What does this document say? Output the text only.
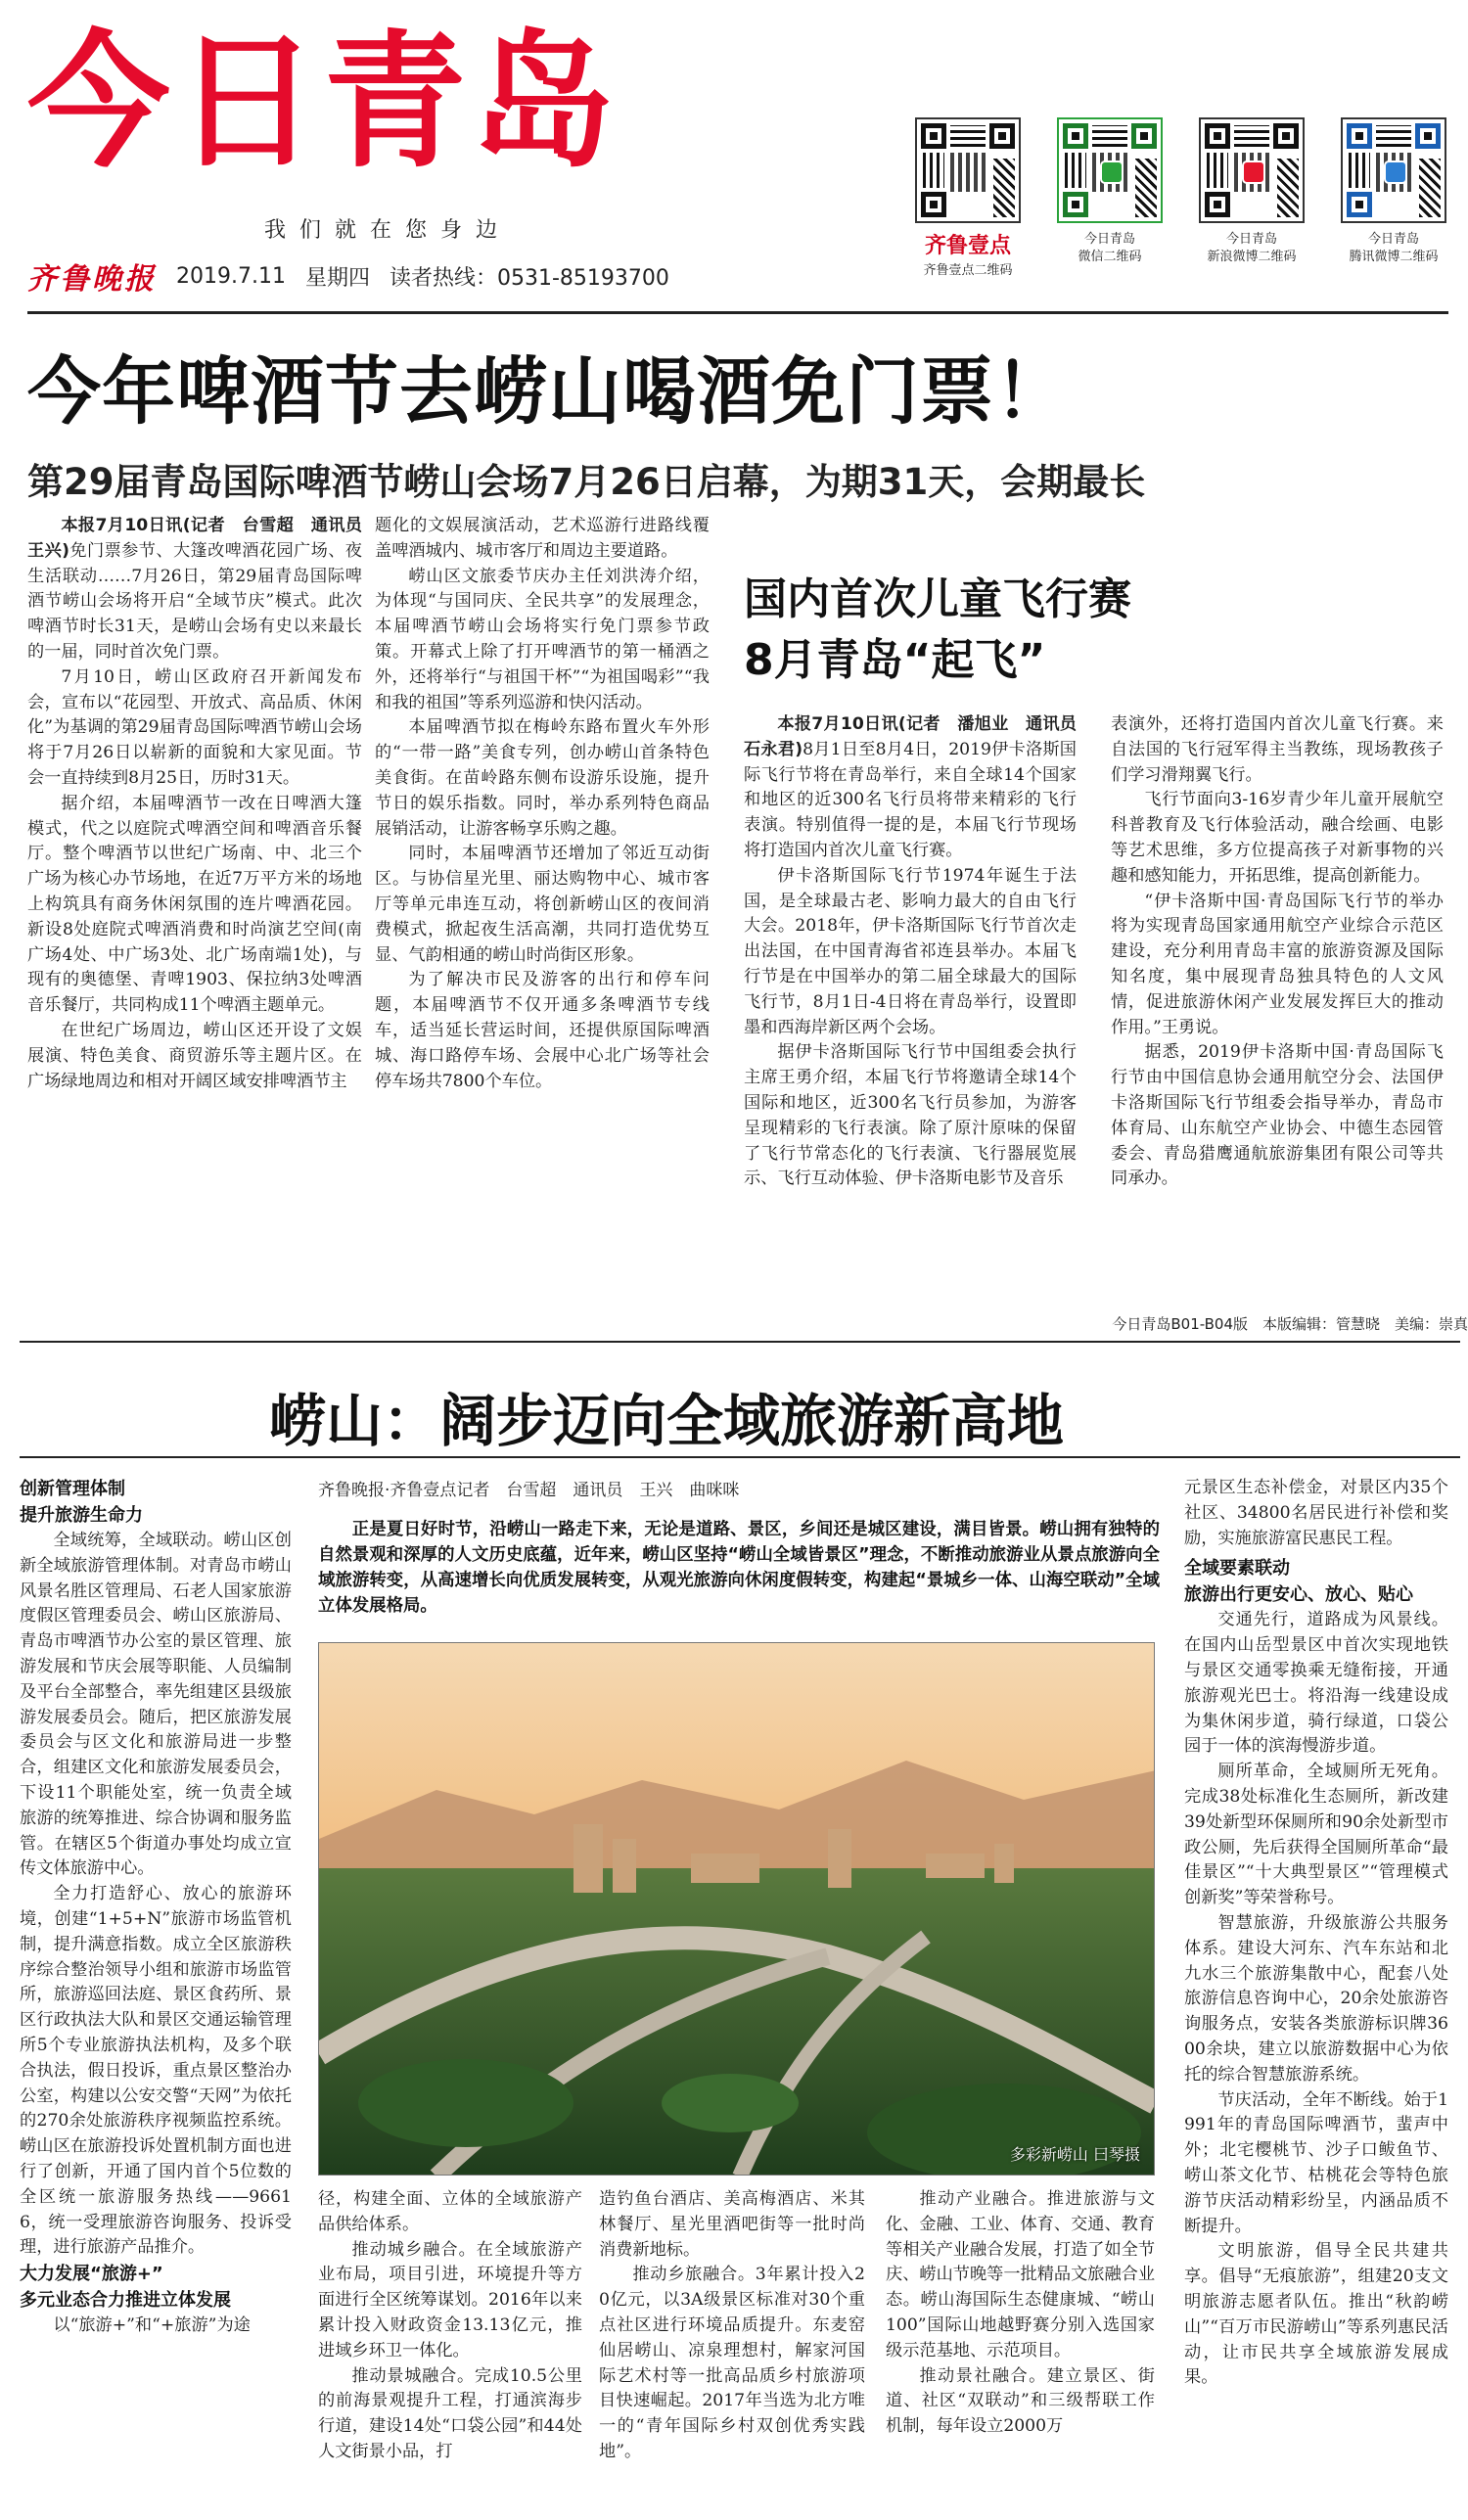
今日青岛
我们就在您身边
齐鲁晚报 2019.7.11 星期四 读者热线：0531-85193700
齐鲁壹点
齐鲁壹点二维码
今日青岛
微信二维码
今日青岛
新浪微博二维码
今日青岛
腾讯微博二维码
今年啤酒节去崂山喝酒免门票！
第29届青岛国际啤酒节崂山会场7月26日启幕，为期31天，会期最长

本报7月10日讯(记者　台雪超　通讯员　王兴)免门票参节、大篷改啤酒花园广场、夜生活联动……7月26日，第29届青岛国际啤酒节崂山会场将开启“全域节庆”模式。此次啤酒节时长31天，是崂山会场有史以来最长的一届，同时首次免门票。

7月10日，崂山区政府召开新闻发布会，宣布以“花园型、开放式、高品质、休闲化”为基调的第29届青岛国际啤酒节崂山会场将于7月26日以崭新的面貌和大家见面。节会一直持续到8月25日，历时31天。

据介绍，本届啤酒节一改在日啤酒大篷模式，代之以庭院式啤酒空间和啤酒音乐餐厅。整个啤酒节以世纪广场南、中、北三个广场为核心办节场地，在近7万平方米的场地上构筑具有商务休闲氛围的连片啤酒花园。新设8处庭院式啤酒消费和时尚演艺空间(南广场4处、中广场3处、北广场南端1处)，与现有的奥德堡、青啤1903、保拉纳3处啤酒音乐餐厅，共同构成11个啤酒主题单元。

在世纪广场周边，崂山区还开设了文娱展演、特色美食、商贸游乐等主题片区。在广场绿地周边和相对开阔区域安排啤酒节主

题化的文娱展演活动，艺术巡游行进路线覆盖啤酒城内、城市客厅和周边主要道路。

崂山区文旅委节庆办主任刘洪涛介绍，为体现“与国同庆、全民共享”的发展理念，本届啤酒节崂山会场将实行免门票参节政策。开幕式上除了打开啤酒节的第一桶酒之外，还将举行“与祖国干杯”“为祖国喝彩”“我和我的祖国”等系列巡游和快闪活动。

本届啤酒节拟在梅岭东路布置火车外形的“一带一路”美食专列，创办崂山首条特色美食街。在苗岭路东侧布设游乐设施，提升节日的娱乐指数。同时，举办系列特色商品展销活动，让游客畅享乐购之趣。

同时，本届啤酒节还增加了邻近互动街区。与协信星光里、丽达购物中心、城市客厅等单元串连互动，将创新崂山区的夜间消费模式，掀起夜生活高潮，共同打造优势互显、气韵相通的崂山时尚街区形象。

为了解决市民及游客的出行和停车问题，本届啤酒节不仅开通多条啤酒节专线车，适当延长营运时间，还提供原国际啤酒城、海口路停车场、会展中心北广场等社会停车场共7800个车位。

国内首次儿童飞行赛
8月青岛“起飞”

本报7月10日讯(记者　潘旭业　通讯员　石永君)8月1日至8月4日，2019伊卡洛斯国际飞行节将在青岛举行，来自全球14个国家和地区的近300名飞行员将带来精彩的飞行表演。特别值得一提的是，本届飞行节现场将打造国内首次儿童飞行赛。

伊卡洛斯国际飞行节1974年诞生于法国，是全球最古老、影响力最大的自由飞行大会。2018年，伊卡洛斯国际飞行节首次走出法国，在中国青海省祁连县举办。本届飞行节是在中国举办的第二届全球最大的国际飞行节，8月1日-4日将在青岛举行，设置即墨和西海岸新区两个会场。

据伊卡洛斯国际飞行节中国组委会执行主席王勇介绍，本届飞行节将邀请全球14个国际和地区，近300名飞行员参加，为游客呈现精彩的飞行表演。除了原汁原味的保留了飞行节常态化的飞行表演、飞行器展览展示、飞行互动体验、伊卡洛斯电影节及音乐

表演外，还将打造国内首次儿童飞行赛。来自法国的飞行冠军得主当教练，现场教孩子们学习滑翔翼飞行。

飞行节面向3-16岁青少年儿童开展航空科普教育及飞行体验活动，融合绘画、电影等艺术思维，多方位提高孩子对新事物的兴趣和感知能力，开拓思维，提高创新能力。

“伊卡洛斯中国·青岛国际飞行节的举办将为实现青岛国家通用航空产业综合示范区建设，充分利用青岛丰富的旅游资源及国际知名度，集中展现青岛独具特色的人文风情，促进旅游休闲产业发展发挥巨大的推动作用。”王勇说。

据悉，2019伊卡洛斯中国·青岛国际飞行节由中国信息协会通用航空分会、法国伊卡洛斯国际飞行节组委会指导举办，青岛市体育局、山东航空产业协会、中德生态园管委会、青岛猎鹰通航旅游集团有限公司等共同承办。

今日青岛B01-B04版　本版编辑：管慧晓　美编：崇真
崂山：阔步迈向全域旅游新高地
齐鲁晚报·齐鲁壹点记者　台雪超　通讯员　王兴　曲咪咪
正是夏日好时节，沿崂山一路走下来，无论是道路、景区，乡间还是城区建设，满目皆景。崂山拥有独特的自然景观和深厚的人文历史底蕴，近年来，崂山区坚持“崂山全域皆景区”理念，不断推动旅游业从景点旅游向全域旅游转变，从高速增长向优质发展转变，从观光旅游向休闲度假转变，构建起“景城乡一体、山海空联动”全域立体发展格局。
多彩新崂山 曰琴摄
创新管理体制
提升旅游生命力

全域统筹，全域联动。崂山区创新全域旅游管理体制。对青岛市崂山风景名胜区管理局、石老人国家旅游度假区管理委员会、崂山区旅游局、青岛市啤酒节办公室的景区管理、旅游发展和节庆会展等职能、人员编制及平台全部整合，率先组建区县级旅游发展委员会。随后，把区旅游发展委员会与区文化和旅游局进一步整合，组建区文化和旅游发展委员会，下设11个职能处室，统一负责全域旅游的统筹推进、综合协调和服务监管。在辖区5个街道办事处均成立宣传文体旅游中心。

全力打造舒心、放心的旅游环境，创建“1+5+N”旅游市场监管机制，提升满意指数。成立全区旅游秩序综合整治领导小组和旅游市场监管所，旅游巡回法庭、景区食药所、景区行政执法大队和景区交通运输管理所5个专业旅游执法机构，及多个联合执法，假日投诉，重点景区整治办公室，构建以公安交警“天网”为依托的270余处旅游秩序视频监控系统。崂山区在旅游投诉处置机制方面也进行了创新，开通了国内首个5位数的全区统一旅游服务热线——96616，统一受理旅游咨询服务、投诉受理，进行旅游产品推介。

大力发展“旅游+”
多元业态合力推进立体发展

以“旅游+”和“+旅游”为途

径，构建全面、立体的全域旅游产品供给体系。

推动城乡融合。在全域旅游产业布局，项目引进，环境提升等方面进行全区统筹谋划。2016年以来累计投入财政资金13.13亿元，推进域乡环卫一体化。

推动景城融合。完成10.5公里的前海景观提升工程，打通滨海步行道，建设14处“口袋公园”和44处人文街景小品，打

造钓鱼台酒店、美高梅酒店、米其林餐厅、星光里酒吧街等一批时尚消费新地标。

推动乡旅融合。3年累计投入20亿元，以3A级景区标准对30个重点社区进行环境品质提升。东麦窑仙居崂山、凉泉理想村，解家河国际艺术村等一批高品质乡村旅游项目快速崛起。2017年当选为北方唯一的“青年国际乡村双创优秀实践地”。

推动产业融合。推进旅游与文化、金融、工业、体育、交通、教育等相关产业融合发展，打造了如全节庆、崂山节晚等一批精品文旅融合业态。崂山海国际生态健康城、“崂山100”国际山地越野赛分别入选国家级示范基地、示范项目。

推动景社融合。建立景区、街道、社区“双联动”和三级帮联工作机制，每年设立2000万

元景区生态补偿金，对景区内35个社区、34800名居民进行补偿和奖励，实施旅游富民惠民工程。

全域要素联动
旅游出行更安心、放心、贴心

交通先行，道路成为风景线。在国内山岳型景区中首次实现地铁与景区交通零换乘无缝衔接，开通旅游观光巴士。将沿海一线建设成为集休闲步道，骑行绿道，口袋公园于一体的滨海慢游步道。

厕所革命，全域厕所无死角。完成38处标准化生态厕所，新改建39处新型环保厕所和90余处新型市政公厕，先后获得全国厕所革命“最佳景区”“十大典型景区”“管理模式创新奖”等荣誉称号。

智慧旅游，升级旅游公共服务体系。建设大河东、汽车东站和北九水三个旅游集散中心，配套八处旅游信息咨询中心，20余处旅游咨询服务点，安装各类旅游标识牌3600余块，建立以旅游数据中心为依托的综合智慧旅游系统。

节庆活动，全年不断线。始于1991年的青岛国际啤酒节，蜚声中外；北宅樱桃节、沙子口鲅鱼节、崂山茶文化节、枯桃花会等特色旅游节庆活动精彩纷呈，内涵品质不断提升。

文明旅游，倡导全民共建共享。倡导“无痕旅游”，组建20支文明旅游志愿者队伍。推出“秋韵崂山”“百万市民游崂山”等系列惠民活动，让市民共享全域旅游发展成果。
